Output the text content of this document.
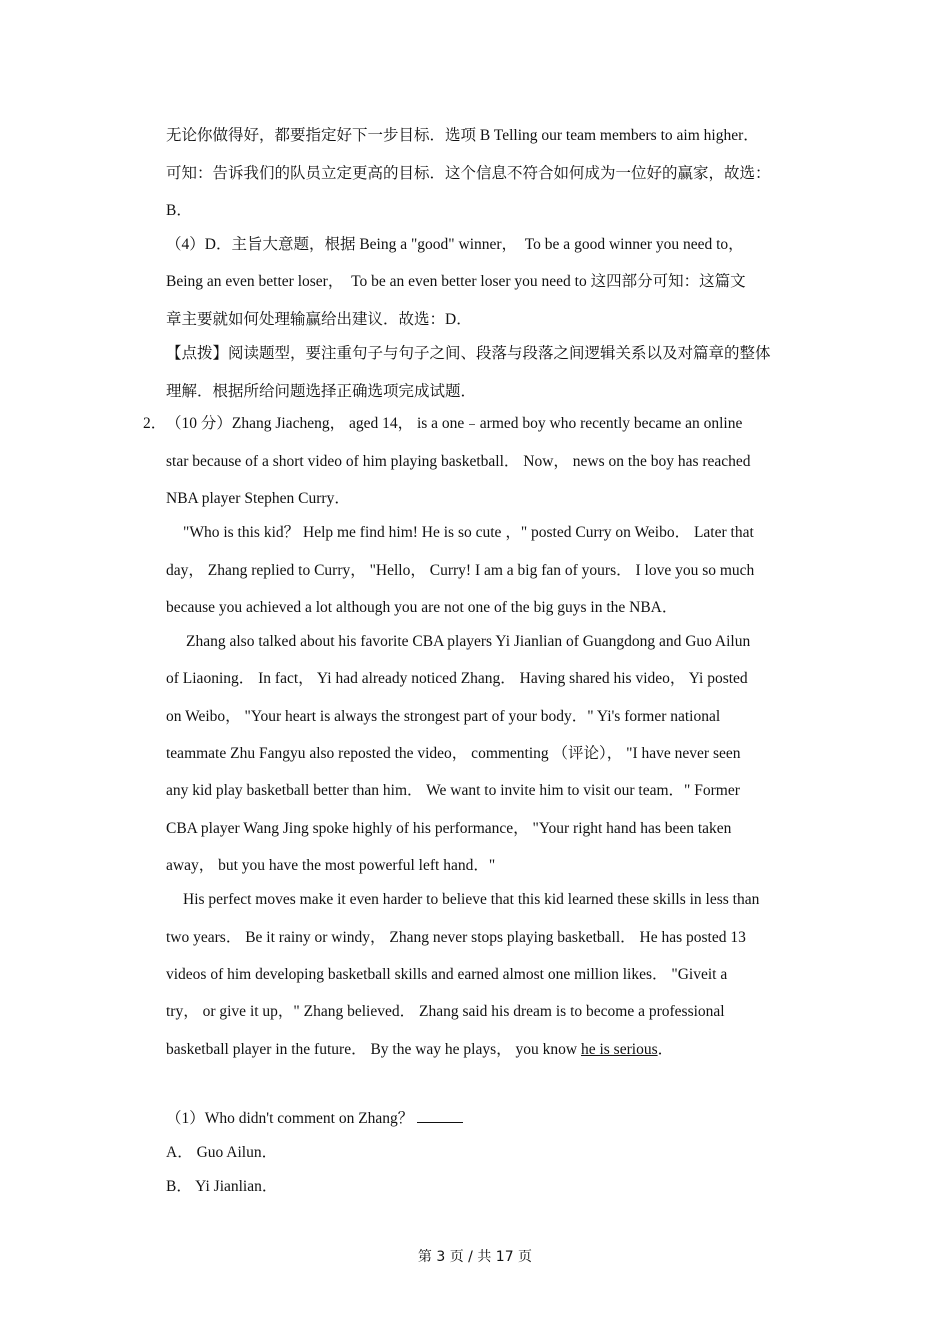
无论你做得好，都要指定好下一步目标．选项 B Telling our team members to aim higher．
可知：告诉我们的队员立定更高的目标．这个信息不符合如何成为一位好的赢家，故选：
B．
（4）D．主旨大意题，根据 Being a "good" winner，　To be a good winner you need to，
Being an even better loser，　To be an even better loser you need to 这四部分可知：这篇文
章主要就如何处理输赢给出建议．故选：D．
【点拨】阅读题型，要注重句子与句子之间、段落与段落之间逻辑关系以及对篇章的整体
理解．根据所给问题选择正确选项完成试题．
2． （10 分）Zhang Jiacheng， aged 14， is a one﹣armed boy who recently became an online
star because of a short video of him playing basketball． Now， news on the boy has reached
NBA player Stephen Curry．
"Who is this kid？ Help me find him! He is so cute ，" posted Curry on Weibo． Later that
day， Zhang replied to Curry， "Hello， Curry! I am a big fan of yours． I love you so much
because you achieved a lot although you are not one of the big guys in the NBA．
Zhang also talked about his favorite CBA players Yi Jianlian of Guangdong and Guo Ailun
of Liaoning． In fact， Yi had already noticed Zhang． Having shared his video， Yi posted
on Weibo， "Your heart is always the strongest part of your body．" Yi's former national
teammate Zhu Fangyu also reposted the video， commenting （评论）， "I have never seen
any kid play basketball better than him． We want to invite him to visit our team．" Former
CBA player Wang Jing spoke highly of his performance， "Your right hand has been taken
away， but you have the most powerful left hand．"
His perfect moves make it even harder to believe that this kid learned these skills in less than
two years． Be it rainy or windy， Zhang never stops playing basketball． He has posted 13
videos of him developing basketball skills and earned almost one million likes． "Giveit a
try， or give it up，" Zhang believed． Zhang said his dream is to become a professional
basketball player in the future． By the way he plays， you know he is serious．
（1）Who didn't comment on Zhang？
A． Guo Ailun．
B． Yi Jianlian．
第 3 页 / 共 17 页
